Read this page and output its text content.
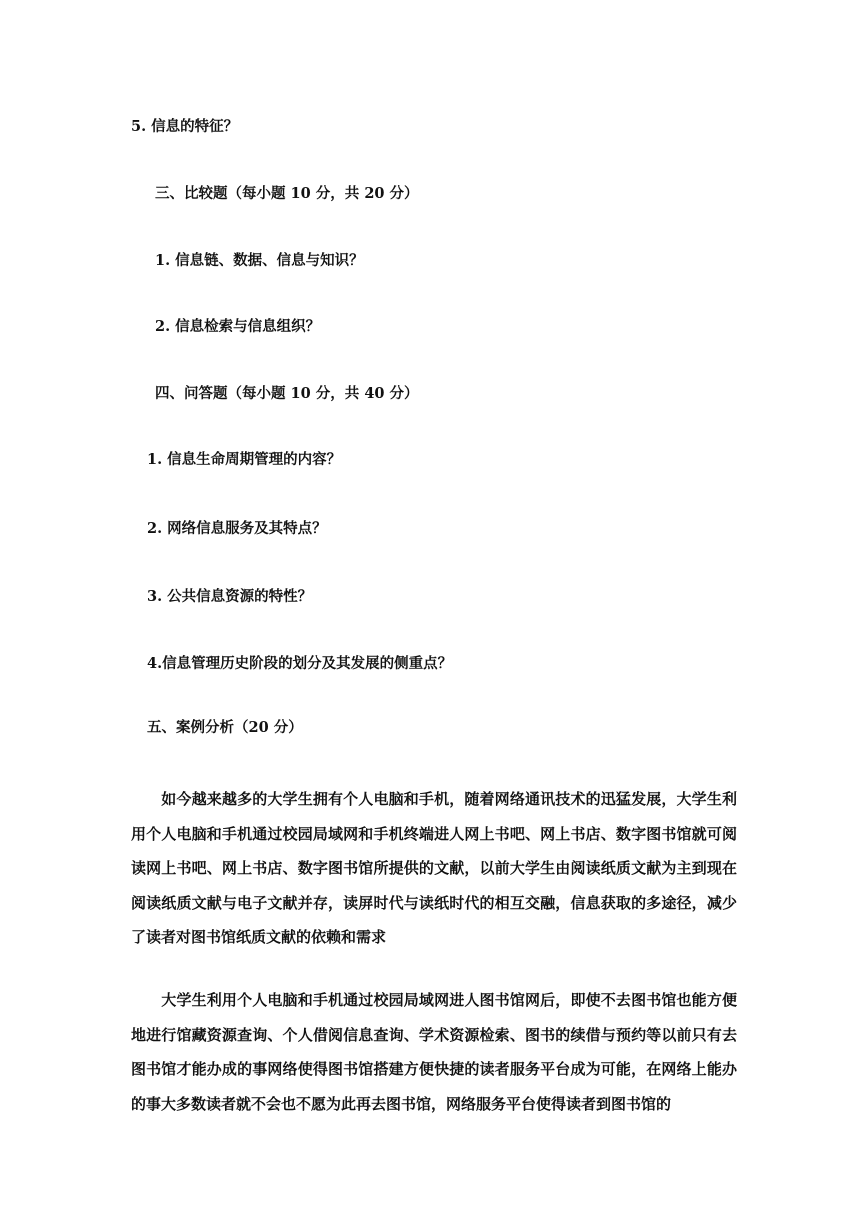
5. 信息的特征？
三、比较题（每小题 10 分，共 20 分）
1. 信息链、数据、信息与知识？
2. 信息检索与信息组织？
四、问答题（每小题 10 分，共 40 分）
1. 信息生命周期管理的内容？
2. 网络信息服务及其特点？
3. 公共信息资源的特性？
4.信息管理历史阶段的划分及其发展的侧重点？
五、案例分析（20 分）
　　如今越来越多的大学生拥有个人电脑和手机，随着网络通讯技术的迅猛发展，大学生利用个人电脑和手机通过校园局域网和手机终端进人网上书吧、网上书店、数字图书馆就可阅读网上书吧、网上书店、数字图书馆所提供的文献，以前大学生由阅读纸质文献为主到现在阅读纸质文献与电子文献并存，读屏时代与读纸时代的相互交融，信息获取的多途径，减少了读者对图书馆纸质文献的依赖和需求
　　大学生利用个人电脑和手机通过校园局域网进人图书馆网后，即使不去图书馆也能方便地进行馆藏资源查询、个人借阅信息查询、学术资源检索、图书的续借与预约等以前只有去图书馆才能办成的事网络使得图书馆搭建方便快捷的读者服务平台成为可能，在网络上能办的事大多数读者就不会也不愿为此再去图书馆，网络服务平台使得读者到图书馆的
